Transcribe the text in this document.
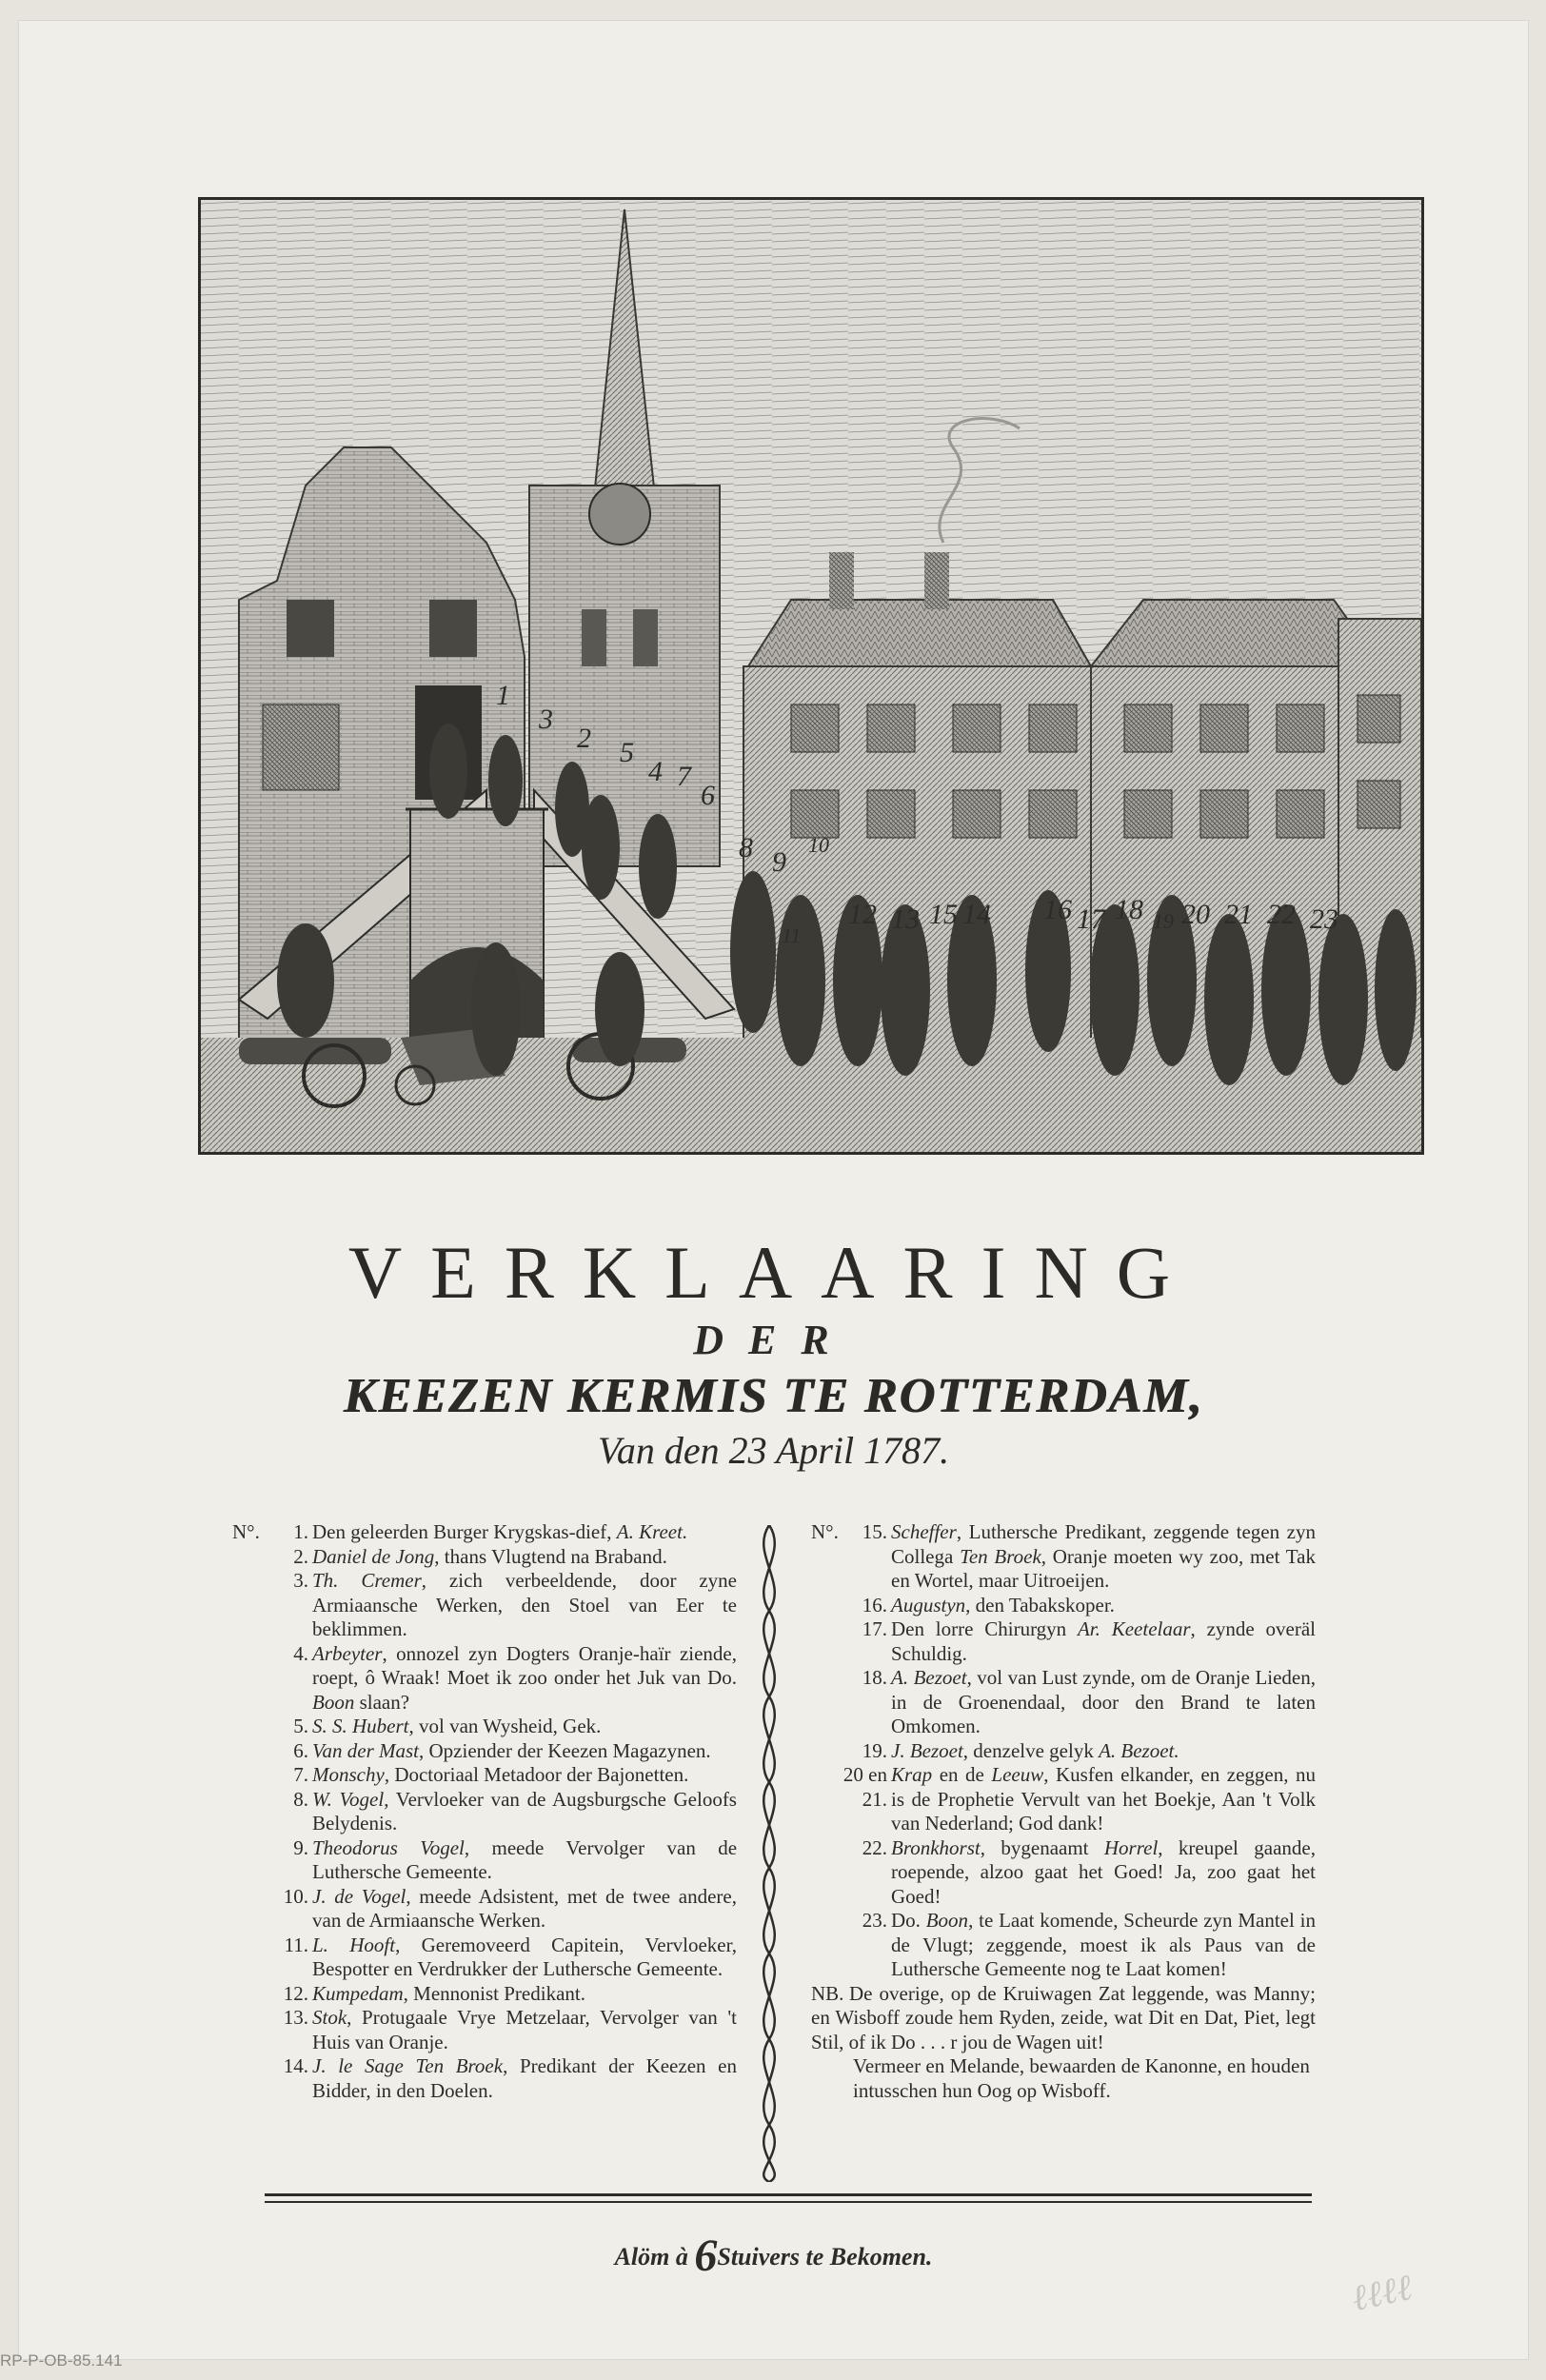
1
3
2 5
4 7
6
8 9
10
11
12 13 15 14 16 17 18 19 20 21 22 23
VERKLAARING
DER
KEEZEN KERMIS TE ROTTERDAM,
Van den 23 April 1787.
N°.	1. Den geleerden Burger Krygskas-dief, A. Kreet.
2. Daniel de Jong, thans Vlugtend na Braband.
3. Th. Cremer, zich verbeeldende, door zyne Armiaansche Werken, den Stoel van Eer te beklimmen.
4. Arbeyter, onnozel zyn Dogters Oranje-haïr ziende, roept, ô Wraak! Moet ik zoo onder het Juk van Do. Boon slaan?
5. S. S. Hubert, vol van Wysheid, Gek.
6. Van der Mast, Opziender der Keezen Magazynen.
7. Monschy, Doctoriaal Metadoor der Bajonetten.
8. W. Vogel, Vervloeker van de Augsburgsche Geloofs Belydenis.
9. Theodorus Vogel, meede Vervolger van de Luthersche Gemeente.
10. J. de Vogel, meede Adsistent, met de twee andere, van de Armiaansche Werken.
11. L. Hooft, Geremoveerd Capitein, Vervloeker, Bespotter en Verdrukker der Luthersche Gemeente.
12. Kumpedam, Mennonist Predikant.
13. Stok, Protugaale Vrye Metzelaar, Vervolger van 't Huis van Oranje.
14. J. le Sage Ten Broek, Predikant der Keezen en Bidder, in den Doelen.
N°.	15. Scheffer, Luthersche Predikant, zeggende tegen zyn Collega Ten Broek, Oranje moeten wy zoo, met Tak en Wortel, maar Uitroeijen.
16. Augustyn, den Tabakskoper.
17. Den lorre Chirurgyn Ar. Keetelaar, zynde overäl Schuldig.
18. A. Bezoet, vol van Lust zynde, om de Oranje Lieden, in de Groenendaal, door den Brand te laten Omkomen.
19. J. Bezoet, denzelve gelyk A. Bezoet.
20 en 21.
Krap en de Leeuw, Kusfen elkander, en zeggen, nu is de Prophetie Vervult van het Boekje, Aan 't Volk van Nederland; God dank!
22. Bronkhorst, bygenaamt Horrel, kreupel gaande, roepende, alzoo gaat het Goed! Ja, zoo gaat het Goed!
23. Do. Boon, te Laat komende, Scheurde zyn Mantel in de Vlugt; zeggende, moest ik als Paus van de Luthersche Gemeente nog te Laat komen!
NB. De overige, op de Kruiwagen Zat leggende, was Manny; en Wisboff zoude hem Ryden, zeide, wat Dit en Dat, Piet, legt Stil, of ik Do . . . r jou de Wagen uit!
Vermeer en Melande, bewaarden de Kanonne, en houden intusschen hun Oog op Wisboff.
Alöm à 6Stuivers te Bekomen.
ℓℓℓℓ
RP-P-OB-85.141
